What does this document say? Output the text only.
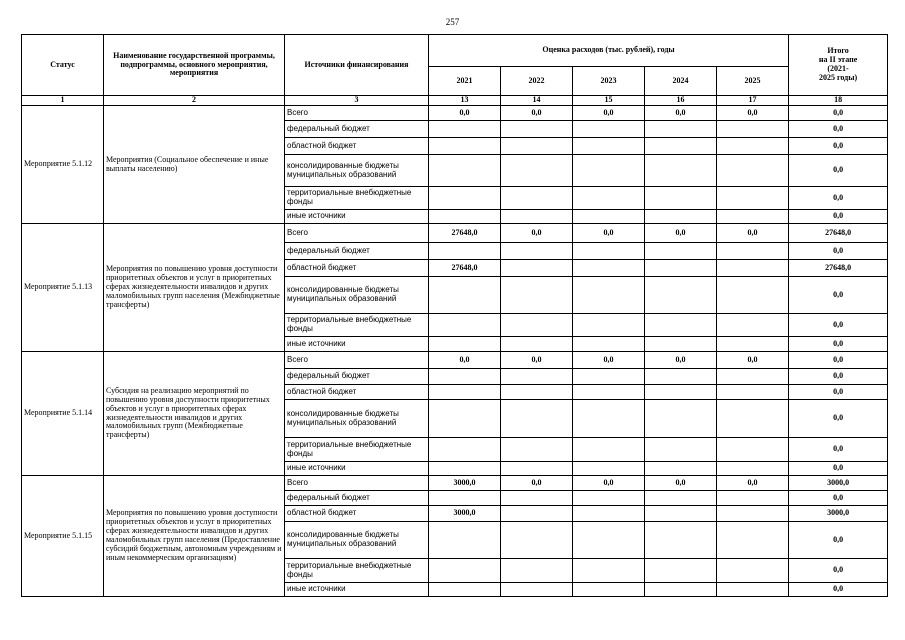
257
Статус	Наименование государственной программы, подпрограммы, основного мероприятия, мероприятия	Источники финансирования	Оценка расходов (тыс. рублей), годы					Итого
на II этапе
(2021-
2025 годы)

			2021	2022	2023	2024	2025	
1	2	3	13	14	15	16	17	18
Мероприятие 5.1.12	Мероприятия (Социальное обеспечение и иные выплаты населению)	Всего	0,0	0,0	0,0	0,0	0,0	0,0
		федеральный бюджет						0,0
		областной бюджет						0,0
		консолидированные бюджеты муниципальных образований						0,0
		территориальные внебюджетные фонды						0,0
		иные источники						0,0
Мероприятие 5.1.13	Мероприятия по повышению уровня доступности приоритетных объектов и услуг в приоритетных сферах жизнедеятельности инвалидов и других маломобильных групп населения (Межбюджетные трансферты)	Всего	27648,0	0,0	0,0	0,0	0,0	27648,0
		федеральный бюджет						0,0
		областной бюджет	27648,0					27648,0
		консолидированные бюджеты муниципальных образований						0,0
		территориальные внебюджетные фонды						0,0
		иные источники						0,0
Мероприятие 5.1.14	Субсидия на реализацию мероприятий по повышению уровня доступности приоритетных объектов и услуг в приоритетных сферах жизнедеятельности инвалидов и других маломобильных групп (Межбюджетные трансферты)	Всего	0,0	0,0	0,0	0,0	0,0	0,0
		федеральный бюджет						0,0
		областной бюджет						0,0
		консолидированные бюджеты муниципальных образований						0,0
		территориальные внебюджетные фонды						0,0
		иные источники						0,0
Мероприятие 5.1.15	Мероприятия по повышению уровня доступности приоритетных объектов и услуг в приоритетных сферах жизнедеятельности инвалидов и других маломобильных групп населения (Предоставление субсидий бюджетным, автономным учреждениям и иным некоммерческим организациям)	Всего	3000,0	0,0	0,0	0,0	0,0	3000,0
		федеральный бюджет						0,0
		областной бюджет	3000,0					3000,0
		консолидированные бюджеты муниципальных образований						0,0
		территориальные внебюджетные фонды						0,0
		иные источники						0,0
